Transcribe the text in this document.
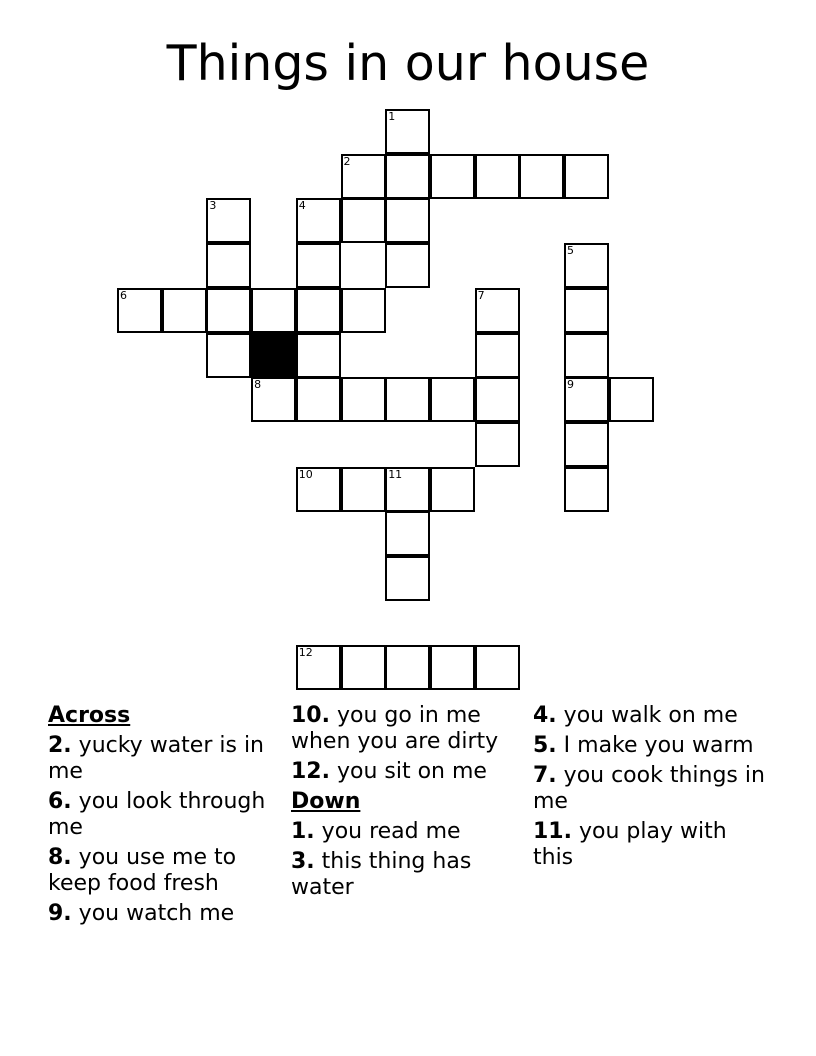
Things in our house
1
2
3	4
5
6	7
8	9
10	11
12
Across
2. yucky water is in me
6. you look through me
8. you use me to keep food fresh
9. you watch me
10. you go in me when you are dirty
12. you sit on me
Down
1. you read me
3. this thing has water
4. you walk on me
5. I make you warm
7. you cook things in me
11. you play with this
